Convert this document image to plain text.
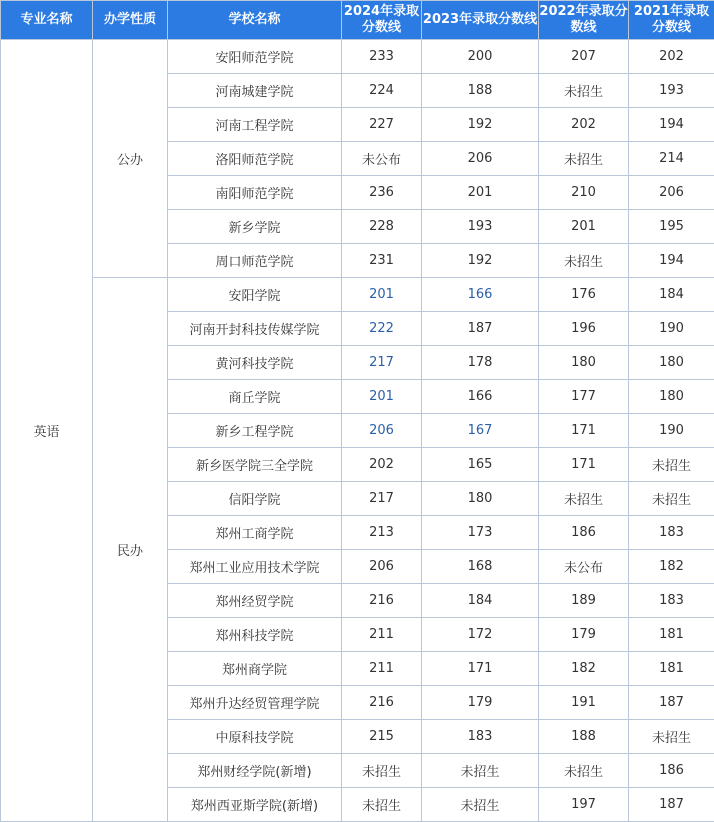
专业名称	办学性质	学校名称	2024年录取分数线	2023年录取分数线	2022年录取分数线	2021年录取分数线
英语	公办	安阳师范学院	233	200	207	202
		河南城建学院	224	188	未招生	193
		河南工程学院	227	192	202	194
		洛阳师范学院	未公布	206	未招生	214
		南阳师范学院	236	201	210	206
		新乡学院	228	193	201	195
		周口师范学院	231	192	未招生	194
	民办	安阳学院	201	166	176	184
		河南开封科技传媒学院	222	187	196	190
		黄河科技学院	217	178	180	180
		商丘学院	201	166	177	180
		新乡工程学院	206	167	171	190
		新乡医学院三全学院	202	165	171	未招生
		信阳学院	217	180	未招生	未招生
		郑州工商学院	213	173	186	183
		郑州工业应用技术学院	206	168	未公布	182
		郑州经贸学院	216	184	189	183
		郑州科技学院	211	172	179	181
		郑州商学院	211	171	182	181
		郑州升达经贸管理学院	216	179	191	187
		中原科技学院	215	183	188	未招生
		郑州财经学院(新增)	未招生	未招生	未招生	186
		郑州西亚斯学院(新增)	未招生	未招生	197	187
